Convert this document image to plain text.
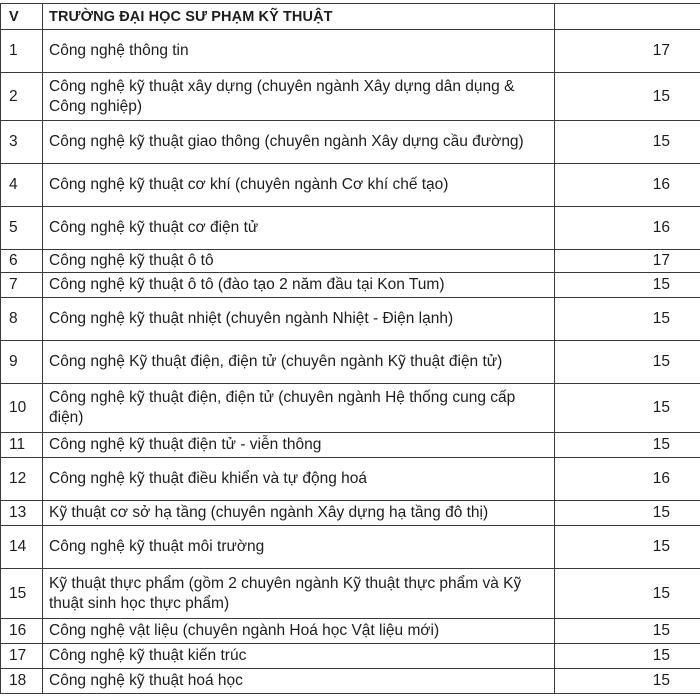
V	TRƯỜNG ĐẠI HỌC SƯ PHẠM KỸ THUẬT	
1	Công nghệ thông tin	17
2	Công nghệ kỹ thuật xây dựng (chuyên ngành Xây dựng dân dụng & Công nghiệp)	15
3	Công nghệ kỹ thuật giao thông (chuyên ngành Xây dựng cầu đường)	15
4	Công nghệ kỹ thuật cơ khí (chuyên ngành Cơ khí chế tạo)	16
5	Công nghệ kỹ thuật cơ điện tử	16
6	Công nghệ kỹ thuật ô tô	17
7	Công nghệ kỹ thuật ô tô (đào tạo 2 năm đầu tại Kon Tum)	15
8	Công nghệ kỹ thuật nhiệt (chuyên ngành Nhiệt - Điện lạnh)	15
9	Công nghệ Kỹ thuật điện, điện tử (chuyên ngành Kỹ thuật điện tử)	15
10	Công nghệ kỹ thuật điện, điện tử (chuyên ngành Hệ thống cung cấp điện)	15
11	Công nghệ kỹ thuật điện tử - viễn thông	15
12	Công nghệ kỹ thuật điều khiển và tự động hoá	16
13	Kỹ thuật cơ sở hạ tầng (chuyên ngành Xây dựng hạ tầng đô thị)	15
14	Công nghệ kỹ thuật môi trường	15
15	Kỹ thuật thực phẩm (gồm 2 chuyên ngành Kỹ thuật thực phẩm và Kỹ thuật sinh học thực phẩm)	15
16	Công nghệ vật liệu (chuyên ngành Hoá học Vật liệu mới)	15
17	Công nghệ kỹ thuật kiến trúc	15
18	Công nghệ kỹ thuật hoá học	15
